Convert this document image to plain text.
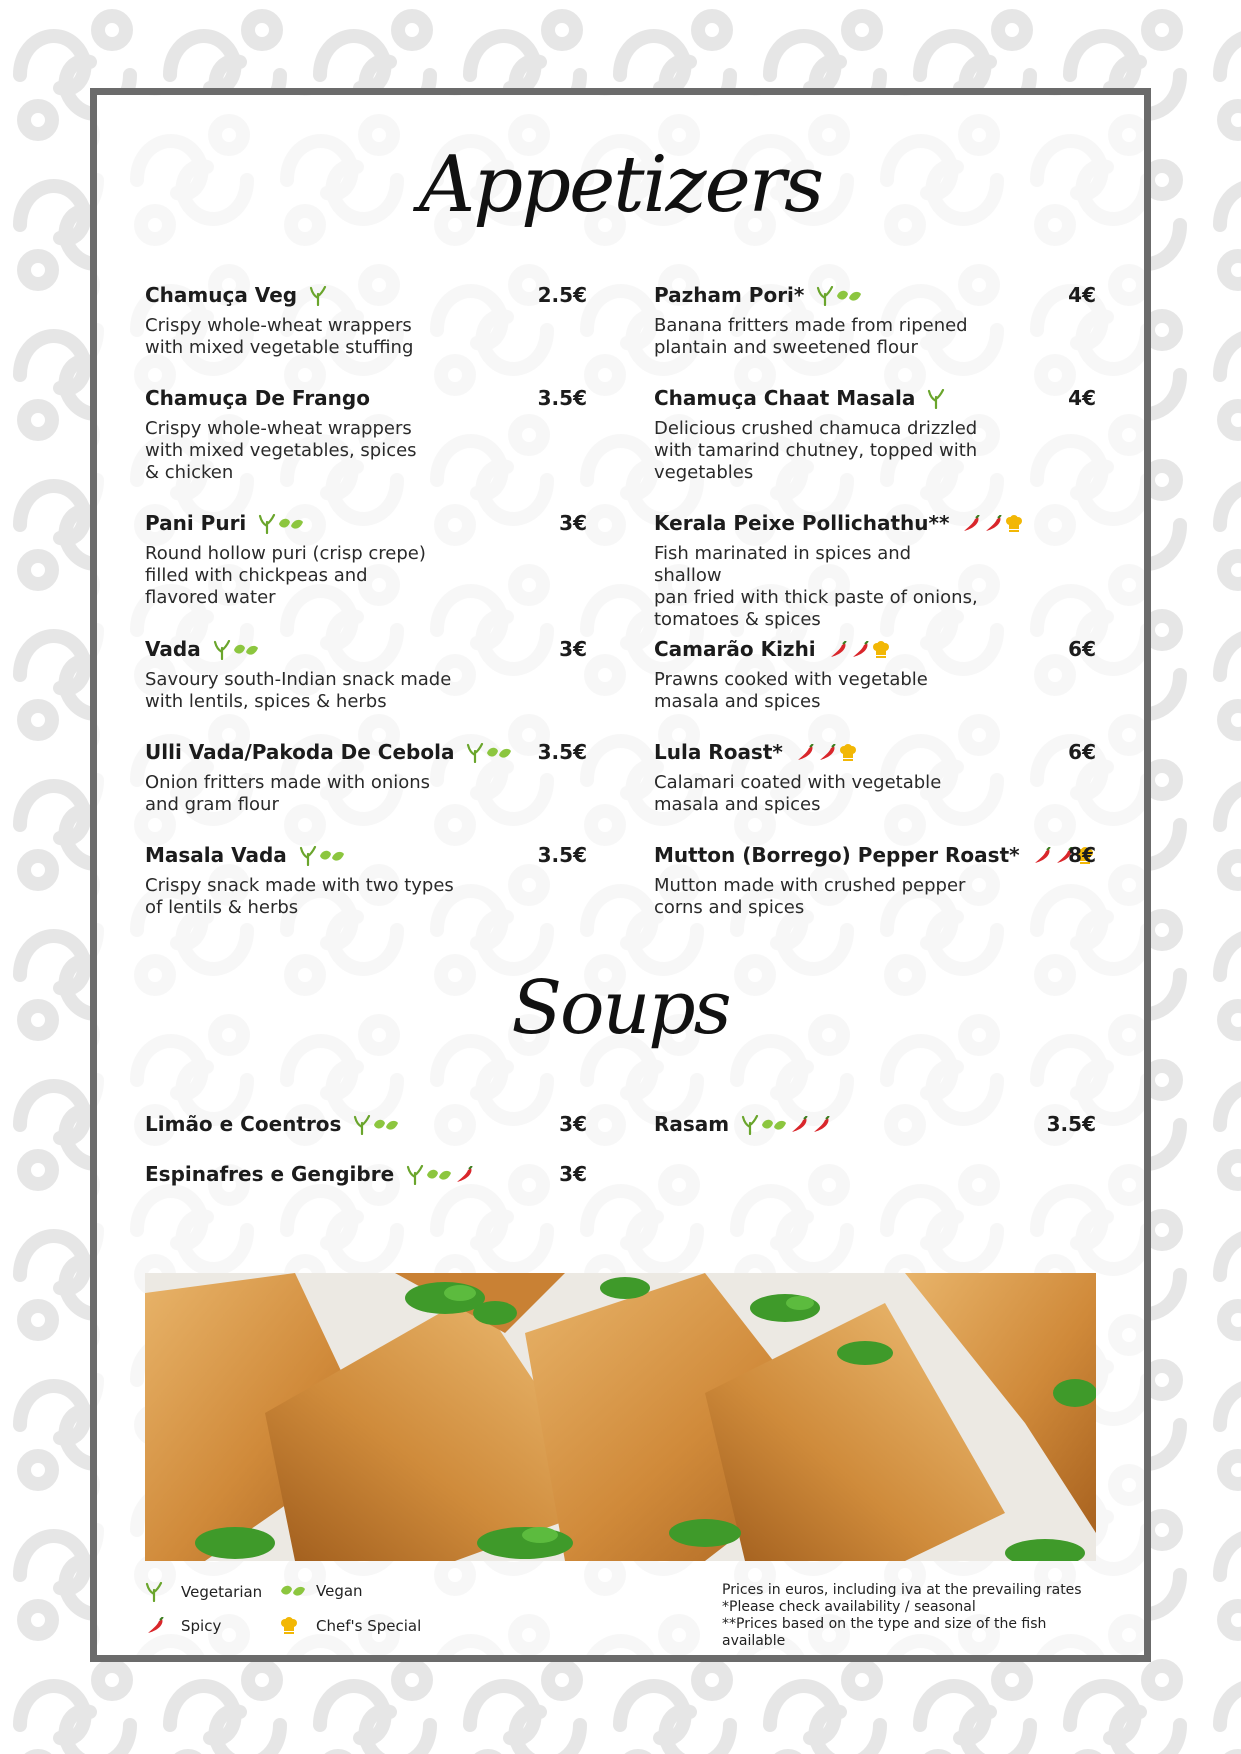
Appetizers
Chamuça Veg	2.5€
Crispy whole-wheat wrappers
with mixed vegetable stuffing
Chamuça De Frango	3.5€
Crispy whole-wheat wrappers
with mixed vegetables, spices
& chicken
Pani Puri	3€
Round hollow puri (crisp crepe)
filled with chickpeas and
flavored water
Vada	3€
Savoury south-Indian snack made
with lentils, spices & herbs
Ulli Vada/Pakoda De Cebola	3.5€
Onion fritters made with onions
and gram flour
Masala Vada	3.5€
Crispy snack made with two types
of lentils & herbs
Pazham Pori*	4€
Banana fritters made from ripened
plantain and sweetened flour
Chamuça Chaat Masala	4€
Delicious crushed chamuca drizzled
with tamarind chutney, topped with
vegetables
Kerala Peixe Pollichathu**
Fish marinated in spices and shallow
pan fried with thick paste of onions,
tomatoes & spices
Camarão Kizhi	6€
Prawns cooked with vegetable
masala and spices
Lula Roast*	6€
Calamari coated with vegetable
masala and spices
Mutton (Borrego) Pepper Roast* 8€
Mutton made with crushed pepper
corns and spices
Soups
Limão e Coentros	3€
Espinafres e Gengibre	3€
Rasam	3.5€
Vegetarian	Vegan
Spicy	Chef's Special
Prices in euros, including iva at the prevailing rates
*Please check availability / seasonal
**Prices based on the type and size of the fish available
